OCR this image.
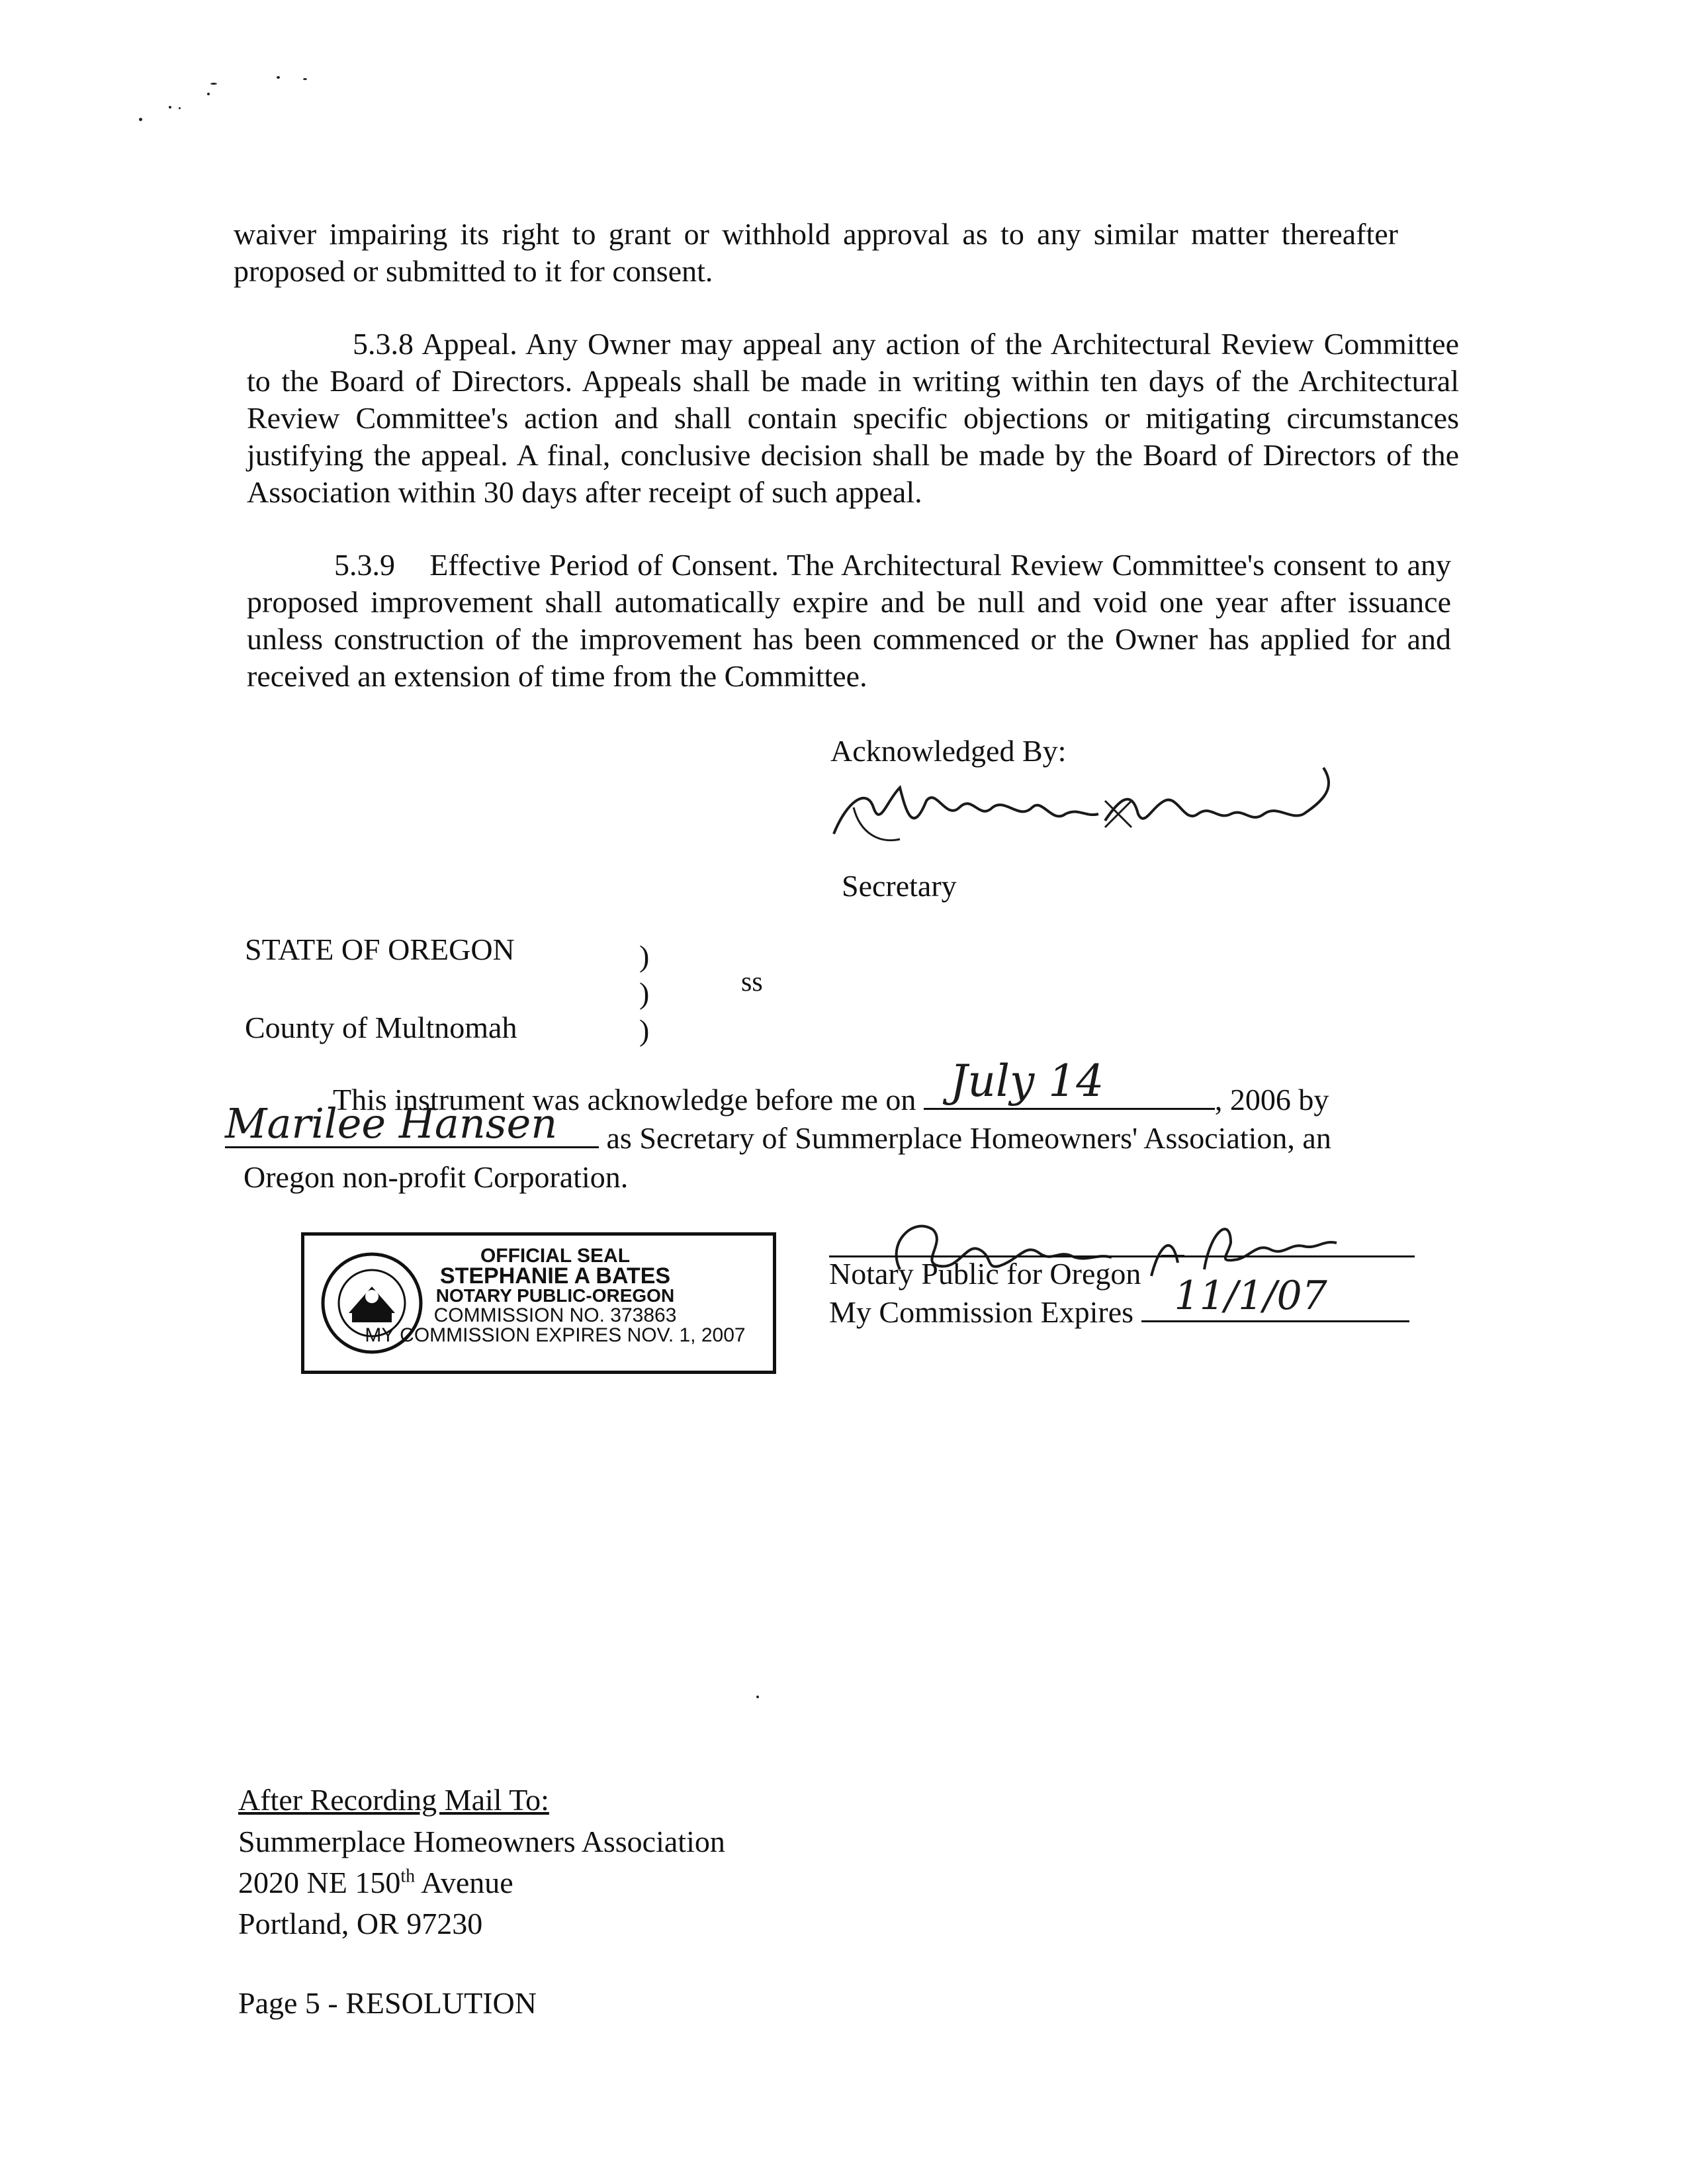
waiver impairing its right to grant or withhold approval as to any similar matter thereafter proposed or submitted to it for consent.
5.3.8 Appeal. Any Owner may appeal any action of the Architectural Review Committee to the Board of Directors. Appeals shall be made in writing within ten days of the Architectural Review Committee's action and shall contain specific objections or mitigating circumstances justifying the appeal. A final, conclusive decision shall be made by the Board of Directors of the Association within 30 days after receipt of such appeal.
5.3.9    Effective Period of Consent. The Architectural Review Committee's consent to any proposed improvement shall automatically expire and be null and void one year after issuance unless construction of the improvement has been commenced or the Owner has applied for and received an extension of time from the Committee.
Acknowledged By:
Secretary
STATE OF OREGON
County of Multnomah
)
)
)
ss
This instrument was acknowledge before me on July 14	, 2006 by
Marilee Hansen as Secretary of Summerplace Homeowners' Association, an
Oregon non-profit Corporation.
OFFICIAL SEAL
STEPHANIE A BATES
NOTARY PUBLIC-OREGON
COMMISSION NO. 373863
MY COMMISSION EXPIRES NOV. 1, 2007
Notary Public for Oregon
My Commission Expires 11/1/07
After Recording Mail To:
Summerplace Homeowners Association
2020 NE 150th Avenue
Portland, OR 97230
Page 5 - RESOLUTION
